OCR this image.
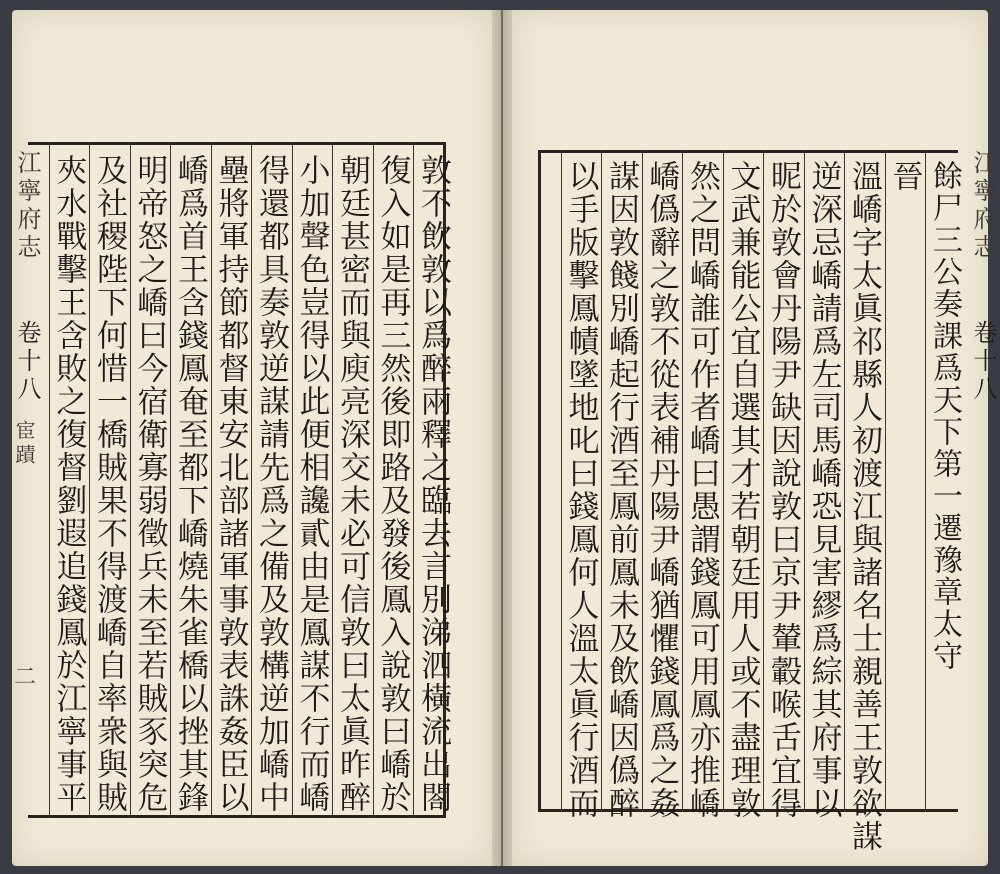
江寧府志
卷十八
宦蹟
二	敦不飲敦以爲醉兩釋之臨去言別涕泗橫流出閤
復入如是再三然後即路及發後鳳入說敦曰嶠於
朝廷甚密而與庾亮深交未必可信敦曰太眞昨醉
小加聲色豈得以此便相讒貳由是鳳謀不行而嶠
得還都具奏敦逆謀請先爲之備及敦構逆加嶠中
壘將軍持節都督東安北部諸軍事敦表誅姦臣以
嶠爲首王含錢鳳奄至都下嶠燒朱雀橋以挫其鋒
明帝怒之嶠曰今宿衛寡弱徵兵未至若賊豕突危
及社稷陛下何惜一橋賊果不得渡嶠自率衆與賊
夾水戰擊王含敗之復督劉遐追錢鳳於江寧事平	江寧府志
卷十八
餘尸三公奏課爲天下第一遷豫章太守
晉
溫嶠字太眞祁縣人初渡江與諸名士親善王敦欲謀
逆深忌嶠請爲左司馬嶠恐見害繆爲綜其府事以
昵於敦會丹陽尹缺因說敦曰京尹輦轂喉舌宜得
文武兼能公宜自選其才若朝廷用人或不盡理敦
然之問嶠誰可作者嶠曰愚謂錢鳳可用鳳亦推嶠
嶠僞辭之敦不從表補丹陽尹嶠猶懼錢鳳爲之姦
謀因敦餞別嶠起行酒至鳳前鳳未及飲嶠因僞醉
以手版擊鳳幘墜地叱曰錢鳳何人溫太眞行酒而
